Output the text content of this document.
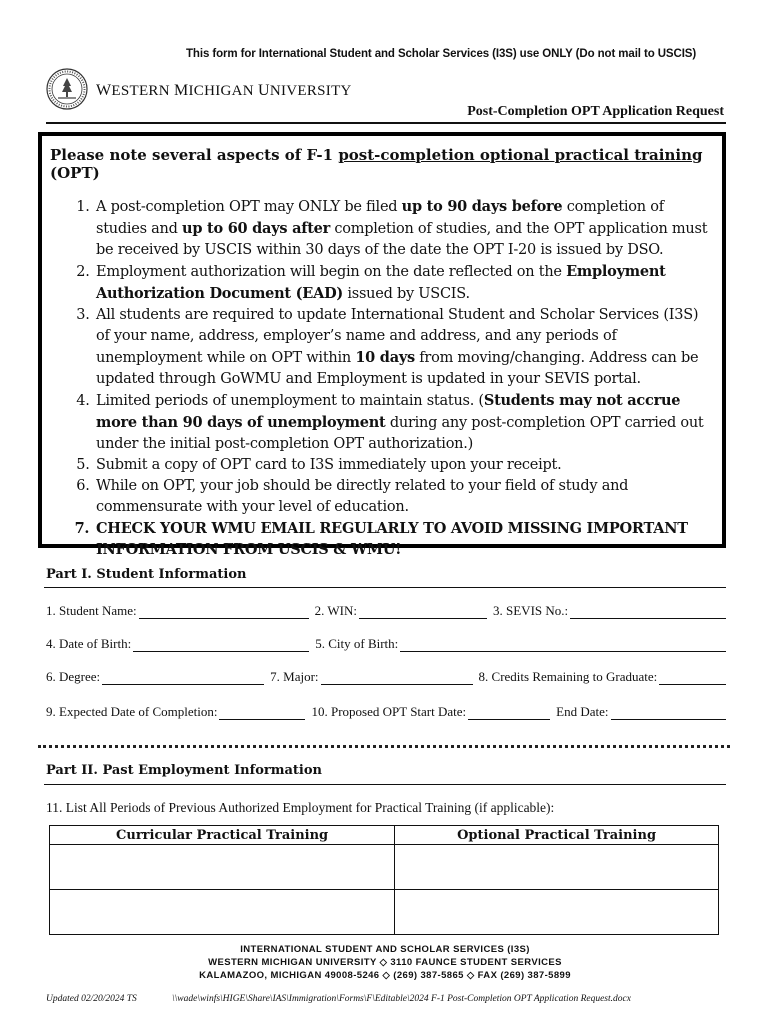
This form for International Student and Scholar Services (I3S) use ONLY (Do not mail to USCIS)
WESTERN MICHIGAN UNIVERSITY
Post-Completion OPT Application Request
Please note several aspects of F-1 post-completion optional practical training (OPT)
1. A post-completion OPT may ONLY be filed up to 90 days before completion of studies and up to 60 days after completion of studies, and the OPT application must be received by USCIS within 30 days of the date the OPT I-20 is issued by DSO.
2. Employment authorization will begin on the date reflected on the Employment Authorization Document (EAD) issued by USCIS.
3. All students are required to update International Student and Scholar Services (I3S) of your name, address, employer’s name and address, and any periods of unemployment while on OPT within 10 days from moving/changing. Address can be updated through GoWMU and Employment is updated in your SEVIS portal.
4. Limited periods of unemployment to maintain status. (Students may not accrue more than 90 days of unemployment during any post-completion OPT carried out under the initial post-completion OPT authorization.)
5. Submit a copy of OPT card to I3S immediately upon your receipt.
6. While on OPT, your job should be directly related to your field of study and commensurate with your level of education.
7. CHECK YOUR WMU EMAIL REGULARLY TO AVOID MISSING IMPORTANT INFORMATION FROM USCIS & WMU!
Part I. Student Information
1. Student Name:	2. WIN:	3. SEVIS No.:
4. Date of Birth:	5. City of Birth:
6. Degree:	7. Major:	8. Credits Remaining to Graduate:
9. Expected Date of Completion:	10. Proposed OPT Start Date:	End Date:
Part II. Past Employment Information
11. List All Periods of Previous Authorized Employment for Practical Training (if applicable):
Curricular Practical Training	Optional Practical Training

INTERNATIONAL STUDENT AND SCHOLAR SERVICES (I3S)
WESTERN MICHIGAN UNIVERSITY ◇ 3110 FAUNCE STUDENT SERVICES
KALAMAZOO, MICHIGAN 49008-5246 ◇ (269) 387-5865 ◇ FAX (269) 387-5899
Updated 02/20/2024 TS	\\wade\winfs\HIGE\Share\IAS\Immigration\Forms\F\Editable\2024 F-1 Post-Completion OPT Application Request.docx
